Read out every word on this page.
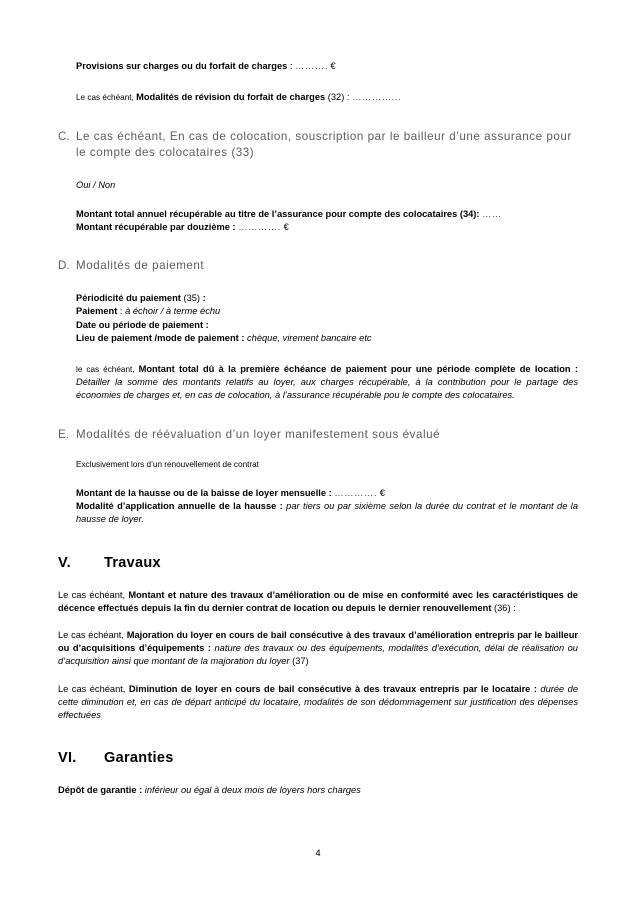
Provisions sur charges ou du forfait de charges : ………. €

Le cas échéant, Modalités de révision du forfait de charges (32) : …………...

C. Le cas échéant, En cas de colocation, souscription par le bailleur d’une assurance pour le compte des colocataires (33)

Oui / Non

Montant total annuel récupérable au titre de l’assurance pour compte des colocataires (34): ……

Montant récupérable par douzième : …………. €

D. Modalités de paiement

Périodicité du paiement (35) :

Paiement : à échoir / à terme échu

Date ou période de paiement :

Lieu de paiement /mode de paiement : chèque, virement bancaire etc

le cas échéant, Montant total dû à la première échéance de paiement pour une période complète de location : Détailler la somme des montants relatifs au loyer, aux charges récupérable, à la contribution pour le partage des économies de charges et, en cas de colocation, à l’assurance récupérable pou le compte des colocataires.

E. Modalités de réévaluation d’un loyer manifestement sous évalué

Exclusivement lors d’un renouvellement de contrat

Montant de la hausse ou de la baisse de loyer mensuelle : …………. €

Modalité d’application annuelle de la hausse : par tiers ou par sixième selon la durée du contrat et le montant de la hausse de loyer.

V.	Travaux

Le cas échéant, Montant et nature des travaux d’amélioration ou de mise en conformité avec les caractéristiques de décence effectués depuis la fin du dernier contrat de location ou depuis le dernier renouvellement (36) :

Le cas échéant, Majoration du loyer en cours de bail consécutive à des travaux d’amélioration entrepris par le bailleur ou d’acquisitions d’équipements : nature des travaux ou des équipements, modalités d’exécution, délai de réalisation ou d’acquisition ainsi que montant de la majoration du loyer (37)

Le cas échéant, Diminution de loyer en cours de bail consécutive à des travaux entrepris par le locataire : durée de cette diminution et, en cas de départ anticipé du locataire, modalités de son dédommagement sur justification des dépenses effectuées

VI.	Garanties

Dépôt de garantie : inférieur ou égal à deux mois de loyers hors charges

4
